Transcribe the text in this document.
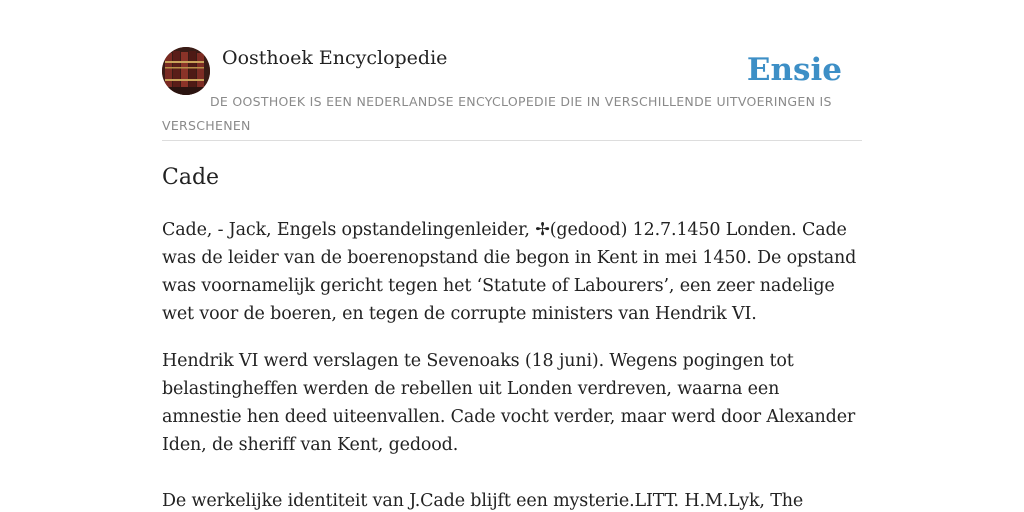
Oosthoek Encyclopedie	Ensie
DE OOSTHOEK IS EEN NEDERLANDSE ENCYCLOPEDIE DIE IN VERSCHILLENDE UITVOERINGEN IS VERSCHENEN
Cade

Cade, - Jack, Engels opstandelingenleider, ✢(gedood) 12.7.1450 Londen. Cade was de leider van de boerenopstand die begon in Kent in mei 1450. De opstand was voornamelijk gericht tegen het ‘Statute of Labourers’, een zeer nadelige wet voor de boeren, en tegen de corrupte ministers van Hendrik VI.

Hendrik VI werd verslagen te Sevenoaks (18 juni). Wegens pogingen tot belastingheffen werden de rebellen uit Londen verdreven, waarna een amnestie hen deed uiteenvallen. Cade vocht verder, maar werd door Alexander Iden, de sheriff van Kent, gedood.

De werkelijke identiteit van J.Cade blijft een mysterie.LITT. H.M.Lyk, The
